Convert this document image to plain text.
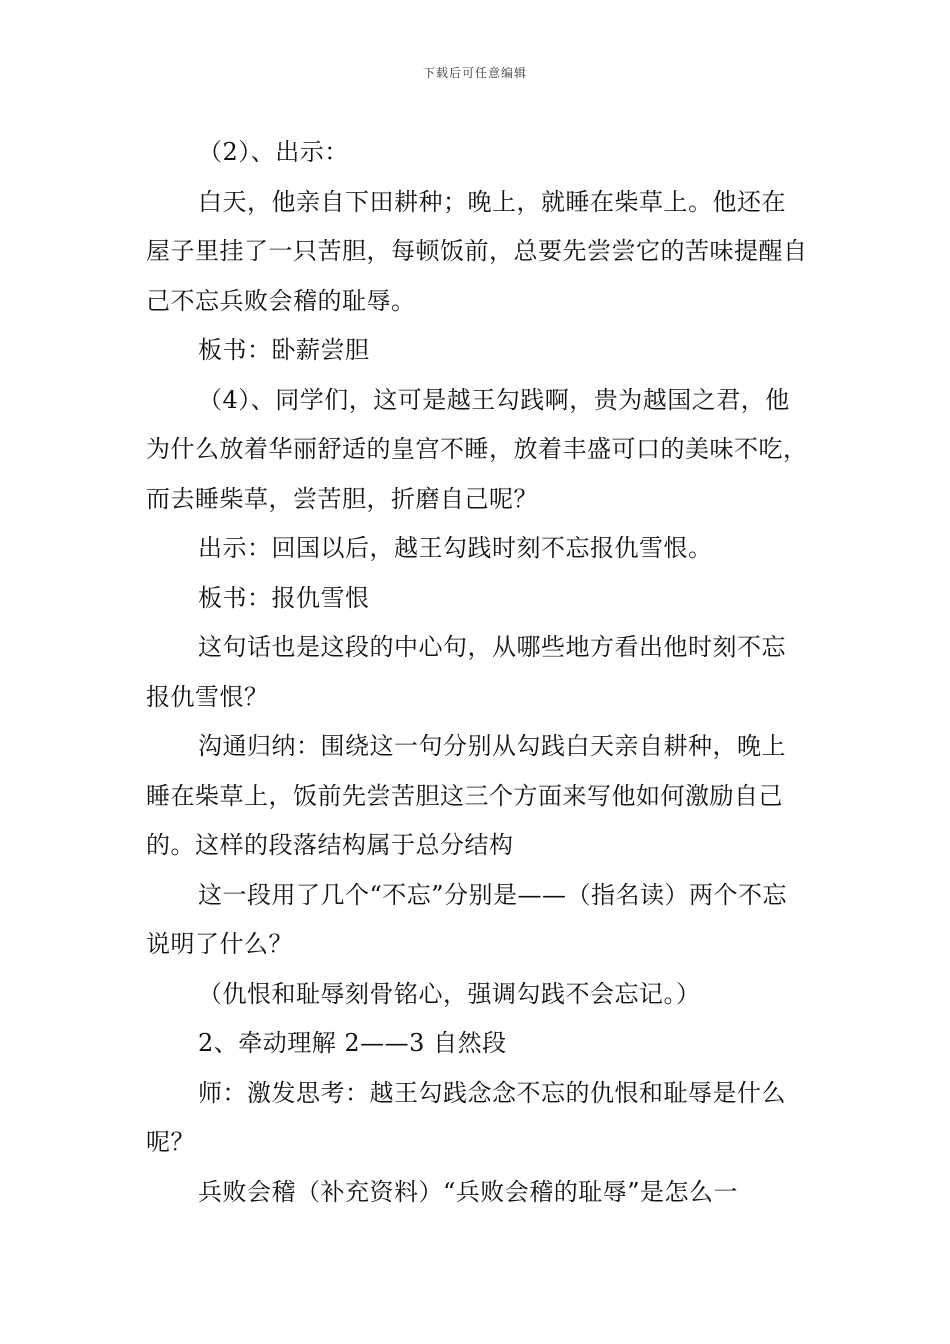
下载后可任意编辑

（2）、出示：

白天，他亲自下田耕种；晚上，就睡在柴草上。他还在屋子里挂了一只苦胆，每顿饭前，总要先尝尝它的苦味提醒自己不忘兵败会稽的耻辱。

板书：卧薪尝胆

（4）、同学们，这可是越王勾践啊，贵为越国之君，他为什么放着华丽舒适的皇宫不睡，放着丰盛可口的美味不吃，而去睡柴草，尝苦胆，折磨自己呢？

出示：回国以后，越王勾践时刻不忘报仇雪恨。

板书：报仇雪恨

这句话也是这段的中心句，从哪些地方看出他时刻不忘报仇雪恨？

沟通归纳：围绕这一句分别从勾践白天亲自耕种，晚上睡在柴草上，饭前先尝苦胆这三个方面来写他如何激励自己的。这样的段落结构属于总分结构

这一段用了几个“不忘”分别是——（指名读）两个不忘说明了什么？

（仇恨和耻辱刻骨铭心，强调勾践不会忘记。）

2、牵动理解 2——3 自然段

师：激发思考：越王勾践念念不忘的仇恨和耻辱是什么呢？

兵败会稽（补充资料）“兵败会稽的耻辱”是怎么一
